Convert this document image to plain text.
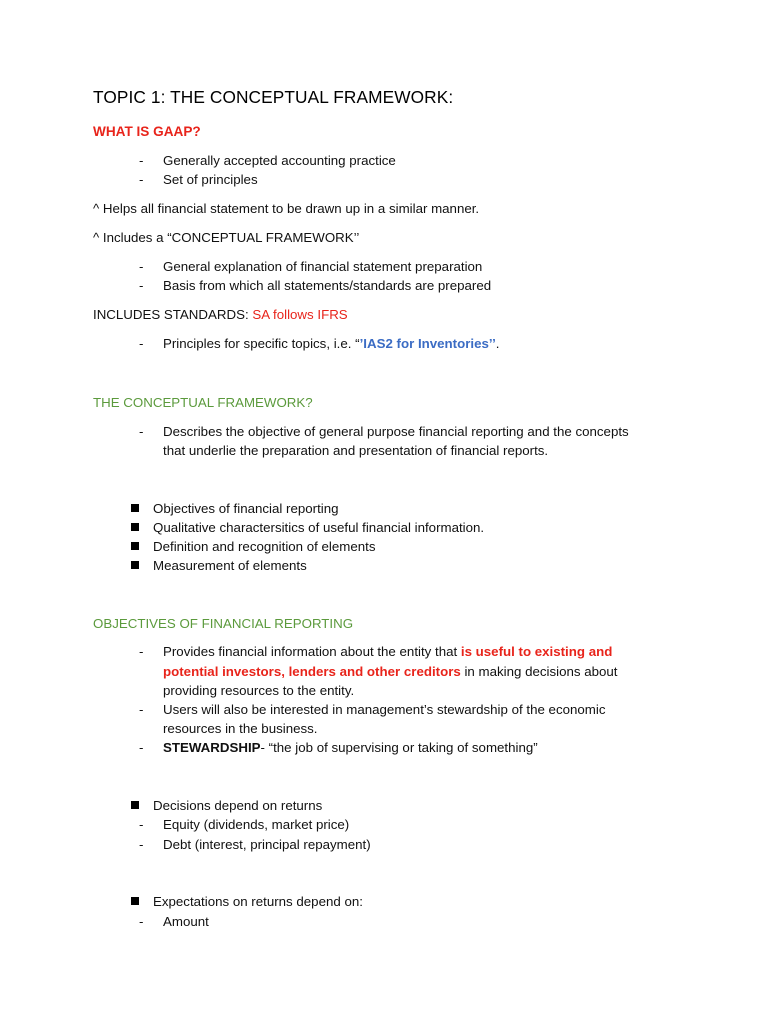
TOPIC 1: THE CONCEPTUAL FRAMEWORK:
WHAT IS GAAP?
- Generally accepted accounting practice
- Set of principles
^ Helps all financial statement to be drawn up in a similar manner.
^ Includes a “CONCEPTUAL FRAMEWORK’’
- General explanation of financial statement preparation
- Basis from which all statements/standards are prepared
INCLUDES STANDARDS: SA follows IFRS
- Principles for specific topics, i.e. “’IAS2 for Inventories’’.
THE CONCEPTUAL FRAMEWORK?
- Describes the objective of general purpose financial reporting and the concepts
that underlie the preparation and presentation of financial reports.
Objectives of financial reporting
Qualitative charactersitics of useful financial information.
Definition and recognition of elements
Measurement of elements
OBJECTIVES OF FINANCIAL REPORTING
- Provides financial information about the entity that is useful to existing and
potential investors, lenders and other creditors in making decisions about
providing resources to the entity.
- Users will also be interested in management’s stewardship of the economic
resources in the business.
- STEWARDSHIP- “the job of supervising or taking of something”
Decisions depend on returns
- Equity (dividends, market price)
- Debt (interest, principal repayment)
Expectations on returns depend on:
- Amount
